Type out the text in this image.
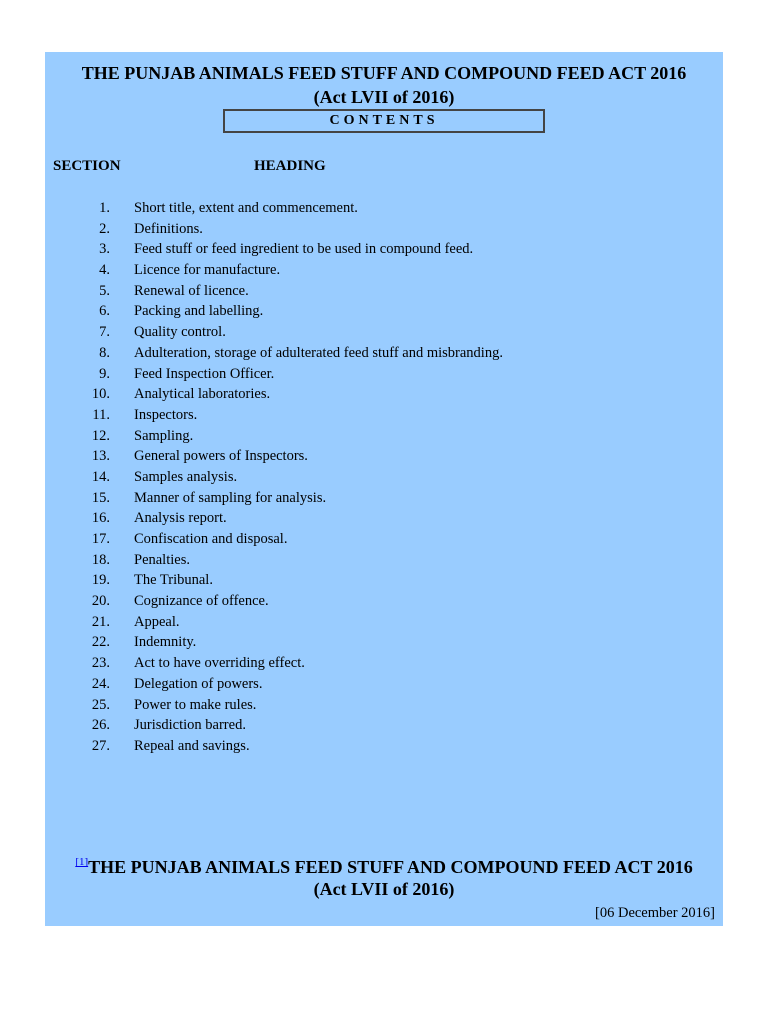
THE PUNJAB ANIMALS FEED STUFF AND COMPOUND FEED ACT 2016
(Act LVII of 2016)
CONTENTS
SECTION	HEADING
1. Short title, extent and commencement.
2. Definitions.
3. Feed stuff or feed ingredient to be used in compound feed.
4. Licence for manufacture.
5. Renewal of licence.
6. Packing and labelling.
7. Quality control.
8. Adulteration, storage of adulterated feed stuff and misbranding.
9. Feed Inspection Officer.
10. Analytical laboratories.
11. Inspectors.
12. Sampling.
13. General powers of Inspectors.
14. Samples analysis.
15. Manner of sampling for analysis.
16. Analysis report.
17. Confiscation and disposal.
18. Penalties.
19. The Tribunal.
20. Cognizance of offence.
21. Appeal.
22. Indemnity.
23. Act to have overriding effect.
24. Delegation of powers.
25. Power to make rules.
26. Jurisdiction barred.
27. Repeal and savings.
[1]THE PUNJAB ANIMALS FEED STUFF AND COMPOUND FEED ACT 2016
(Act LVII of 2016)
[06 December 2016]
